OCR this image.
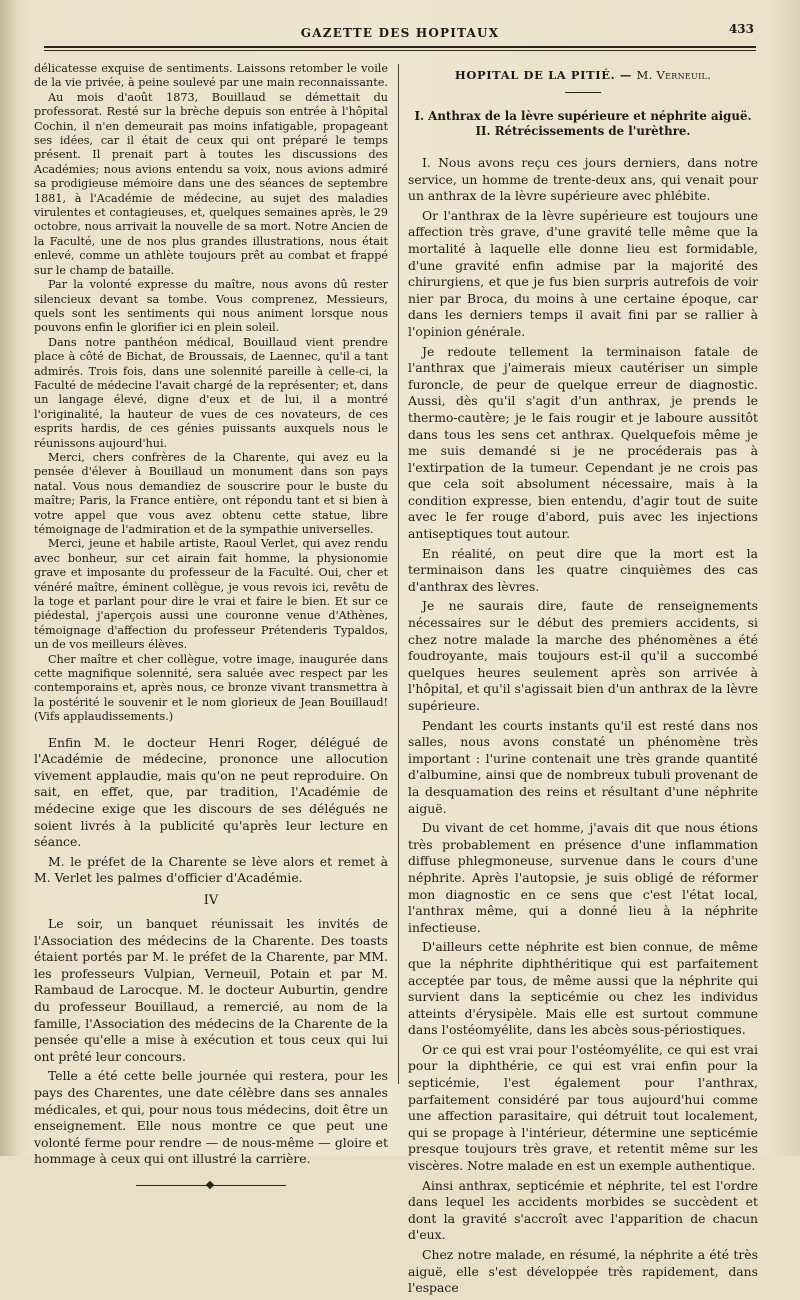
GAZETTE DES HOPITAUX	433

délicatesse exquise de sentiments. Laissons retomber le voile de la vie privée, à peine soulevé par une main reconnaissante.

Au mois d'août 1873, Bouillaud se démettait du professorat. Resté sur la brèche depuis son entrée à l'hôpital Cochin, il n'en demeurait pas moins infatigable, propageant ses idées, car il était de ceux qui ont préparé le temps présent. Il prenait part à toutes les discussions des Académies; nous avions entendu sa voix, nous avions admiré sa prodigieuse mémoire dans une des séances de septembre 1881, à l'Académie de médecine, au sujet des maladies virulentes et contagieuses, et, quelques semaines après, le 29 octobre, nous arrivait la nouvelle de sa mort. Notre Ancien de la Faculté, une de nos plus grandes illustrations, nous était enlevé, comme un athlète toujours prêt au combat et frappé sur le champ de bataille.

Par la volonté expresse du maître, nous avons dû rester silencieux devant sa tombe. Vous comprenez, Messieurs, quels sont les sentiments qui nous animent lorsque nous pouvons enfin le glorifier ici en plein soleil.

Dans notre panthéon médical, Bouillaud vient prendre place à côté de Bichat, de Broussais, de Laennec, qu'il a tant admirés. Trois fois, dans une solennité pareille à celle-ci, la Faculté de médecine l'avait chargé de la représenter; et, dans un langage élevé, digne d'eux et de lui, il a montré l'originalité, la hauteur de vues de ces novateurs, de ces esprits hardis, de ces génies puissants auxquels nous le réunissons aujourd'hui.

Merci, chers confrères de la Charente, qui avez eu la pensée d'élever à Bouillaud un monument dans son pays natal. Vous nous demandiez de souscrire pour le buste du maître; Paris, la France entière, ont répondu tant et si bien à votre appel que vous avez obtenu cette statue, libre témoignage de l'admiration et de la sympathie universelles.

Merci, jeune et habile artiste, Raoul Verlet, qui avez rendu avec bonheur, sur cet airain fait homme, la physionomie grave et imposante du professeur de la Faculté. Oui, cher et vénéré maître, éminent collègue, je vous revois ici, revêtu de la toge et parlant pour dire le vrai et faire le bien. Et sur ce piédestal, j'aperçois aussi une couronne venue d'Athènes, témoignage d'affection du professeur Prétenderis Typaldos, un de vos meilleurs élèves.

Cher maître et cher collègue, votre image, inaugurée dans cette magnifique solennité, sera saluée avec respect par les contemporains et, après nous, ce bronze vivant transmettra à la postérité le souvenir et le nom glorieux de Jean Bouillaud! (Vifs applaudissements.)

Enfin M. le docteur Henri Roger, délégué de l'Académie de médecine, prononce une allocution vivement applaudie, mais qu'on ne peut reproduire. On sait, en effet, que, par tradition, l'Académie de médecine exige que les discours de ses délégués ne soient livrés à la publicité qu'après leur lecture en séance.

M. le préfet de la Charente se lève alors et remet à M. Verlet les palmes d'officier d'Académie.

IV

Le soir, un banquet réunissait les invités de l'Association des médecins de la Charente. Des toasts étaient portés par M. le préfet de la Charente, par MM. les professeurs Vulpian, Verneuil, Potain et par M. Rambaud de Larocque. M. le docteur Auburtin, gendre du professeur Bouillaud, a remercié, au nom de la famille, l'Association des médecins de la Charente de la pensée qu'elle a mise à exécution et tous ceux qui lui ont prêté leur concours.

Telle a été cette belle journée qui restera, pour les pays des Charentes, une date célèbre dans ses annales médicales, et qui, pour nous tous médecins, doit être un enseignement. Elle nous montre ce que peut une volonté ferme pour rendre — de nous-même — gloire et hommage à ceux qui ont illustré la carrière.

HOPITAL DE LA PITIÉ. — M. Verneuil.
I. Anthrax de la lèvre supérieure et néphrite aiguë.
II. Rétrécissements de l'urèthre.

I. Nous avons reçu ces jours derniers, dans notre service, un homme de trente-deux ans, qui venait pour un anthrax de la lèvre supérieure avec phlébite.

Or l'anthrax de la lèvre supérieure est toujours une affection très grave, d'une gravité telle même que la mortalité à laquelle elle donne lieu est formidable, d'une gravité enfin admise par la majorité des chirurgiens, et que je fus bien surpris autrefois de voir nier par Broca, du moins à une certaine époque, car dans les derniers temps il avait fini par se rallier à l'opinion générale.

Je redoute tellement la terminaison fatale de l'anthrax que j'aimerais mieux cautériser un simple furoncle, de peur de quelque erreur de diagnostic. Aussi, dès qu'il s'agit d'un anthrax, je prends le thermo-cautère; je le fais rougir et je laboure aussitôt dans tous les sens cet anthrax. Quelquefois même je me suis demandé si je ne procéderais pas à l'extirpation de la tumeur. Cependant je ne crois pas que cela soit absolument nécessaire, mais à la condition expresse, bien entendu, d'agir tout de suite avec le fer rouge d'abord, puis avec les injections antiseptiques tout autour.

En réalité, on peut dire que la mort est la terminaison dans les quatre cinquièmes des cas d'anthrax des lèvres.

Je ne saurais dire, faute de renseignements nécessaires sur le début des premiers accidents, si chez notre malade la marche des phénomènes a été foudroyante, mais toujours est-il qu'il a succombé quelques heures seulement après son arrivée à l'hôpital, et qu'il s'agissait bien d'un anthrax de la lèvre supérieure.

Pendant les courts instants qu'il est resté dans nos salles, nous avons constaté un phénomène très important : l'urine contenait une très grande quantité d'albumine, ainsi que de nombreux tubuli provenant de la desquamation des reins et résultant d'une néphrite aiguë.

Du vivant de cet homme, j'avais dit que nous étions très probablement en présence d'une inflammation diffuse phlegmoneuse, survenue dans le cours d'une néphrite. Après l'autopsie, je suis obligé de réformer mon diagnostic en ce sens que c'est l'état local, l'anthrax même, qui a donné lieu à la néphrite infectieuse.

D'ailleurs cette néphrite est bien connue, de même que la néphrite diphthéritique qui est parfaitement acceptée par tous, de même aussi que la néphrite qui survient dans la septicémie ou chez les individus atteints d'érysipèle. Mais elle est surtout commune dans l'ostéomyélite, dans les abcès sous-périostiques.

Or ce qui est vrai pour l'ostéomyélite, ce qui est vrai pour la diphthérie, ce qui est vrai enfin pour la septicémie, l'est également pour l'anthrax, parfaitement considéré par tous aujourd'hui comme une affection parasitaire, qui détruit tout localement, qui se propage à l'intérieur, détermine une septicémie presque toujours très grave, et retentit même sur les viscères. Notre malade en est un exemple authentique.

Ainsi anthrax, septicémie et néphrite, tel est l'ordre dans lequel les accidents morbides se succèdent et dont la gravité s'accroît avec l'apparition de chacun d'eux.

Chez notre malade, en résumé, la néphrite a été très aiguë, elle s'est développée très rapidement, dans l'espace
